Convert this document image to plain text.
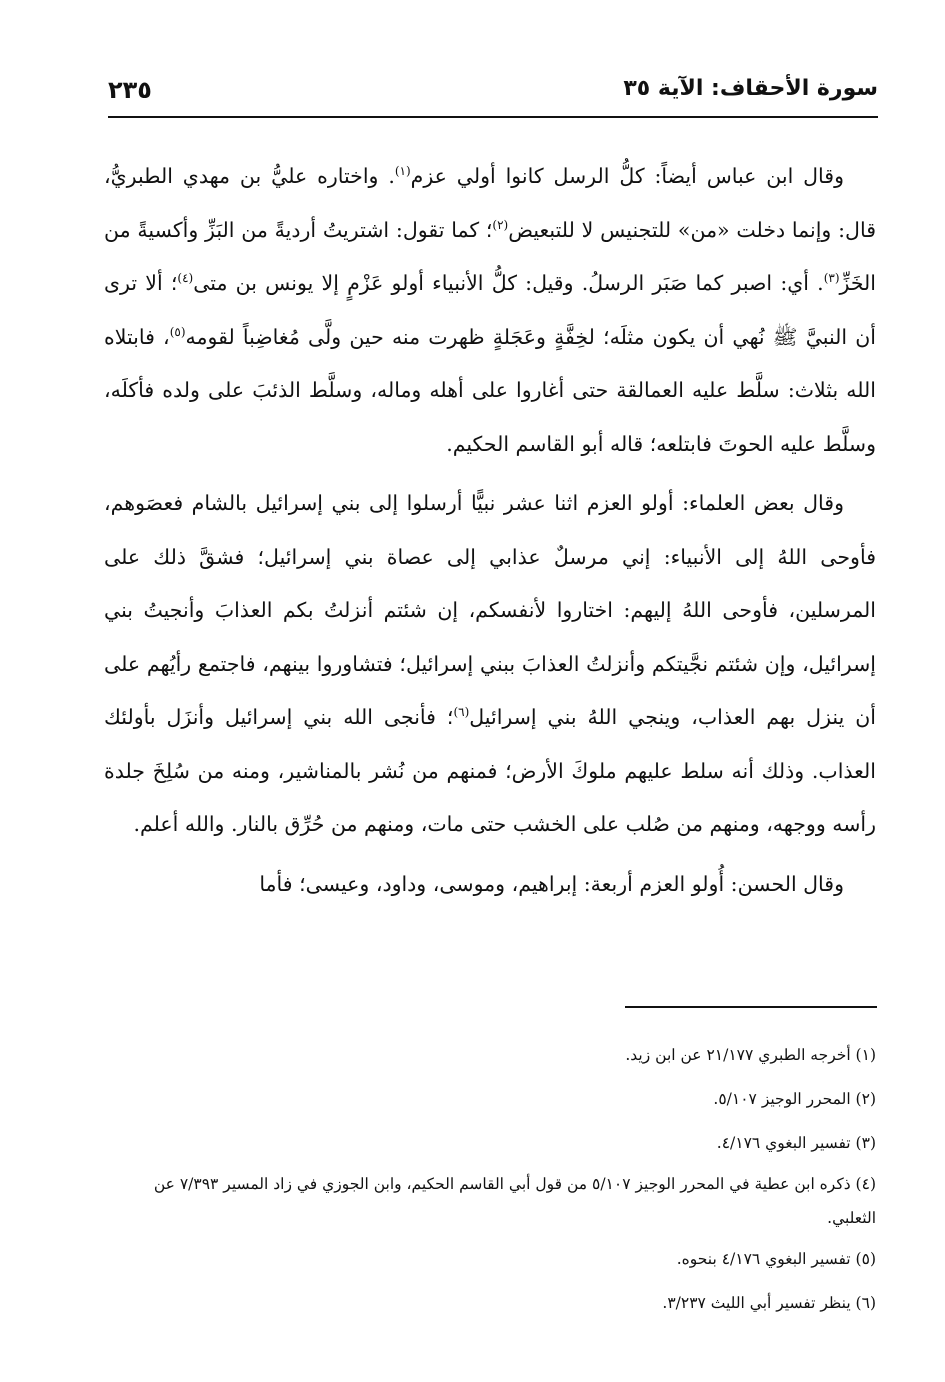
سورة الأحقاف: الآية ٣٥
٢٣٥

وقال ابن عباس أيضاً: كلُّ الرسل كانوا أولي عزم$^{(١)}$. واختاره عليُّ بن مهدي الطبريُّ، قال: وإنما دخلت «من» للتجنيس لا للتبعيض$^{(٢)}$؛ كما تقول: اشتريتُ أرديةً من البَزِّ وأكسيةً من الخَزِّ$^{(٣)}$. أي: اصبر كما صَبَر الرسلُ. وقيل: كلُّ الأنبياء أولو عَزْمٍ إلا يونس بن متى$^{(٤)}$؛ ألا ترى أن النبيَّ ﷺ نُهي أن يكون مثلَه؛ لخِفَّةٍ وعَجَلةٍ ظهرت منه حين ولَّى مُغاضِباً لقومه$^{(٥)}$، فابتلاه الله بثلاث: سلَّط عليه العمالقة حتى أغاروا على أهله وماله، وسلَّط الذئبَ على ولده فأكلَه، وسلَّط عليه الحوتَ فابتلعه؛ قاله أبو القاسم الحكيم.

وقال بعض العلماء: أولو العزم اثنا عشر نبيًّا أرسلوا إلى بني إسرائيل بالشام فعصَوهم، فأوحى اللهُ إلى الأنبياء: إني مرسلٌ عذابي إلى عصاة بني إسرائيل؛ فشقَّ ذلك على المرسلين، فأوحى اللهُ إليهم: اختاروا لأنفسكم، إن شئتم أنزلتُ بكم العذابَ وأنجيتُ بني إسرائيل، وإن شئتم نجَّيتكم وأنزلتُ العذابَ ببني إسرائيل؛ فتشاوروا بينهم، فاجتمع رأيُهم على أن ينزل بهم العذاب، وينجي اللهُ بني إسرائيل$^{(٦)}$؛ فأنجى الله بني إسرائيل وأنزَل بأولئك العذاب. وذلك أنه سلط عليهم ملوكَ الأرض؛ فمنهم من نُشر بالمناشير، ومنه من سُلِخَ جلدة رأسه ووجهه، ومنهم من صُلب على الخشب حتى مات، ومنهم من حُرِّق بالنار. والله أعلم.

وقال الحسن: أُولو العزم أربعة: إبراهيم، وموسى، وداود، وعيسى؛ فأما

(١) أخرجه الطبري ٢١/١٧٧ عن ابن زيد.
(٢) المحرر الوجيز ٥/١٠٧.
(٣) تفسير البغوي ٤/١٧٦.
(٤) ذكره ابن عطية في المحرر الوجيز ٥/١٠٧ من قول أبي القاسم الحكيم، وابن الجوزي في زاد المسير ٧/٣٩٣ عن الثعلبي.
(٥) تفسير البغوي ٤/١٧٦ بنحوه.
(٦) ينظر تفسير أبي الليث ٣/٢٣٧.
